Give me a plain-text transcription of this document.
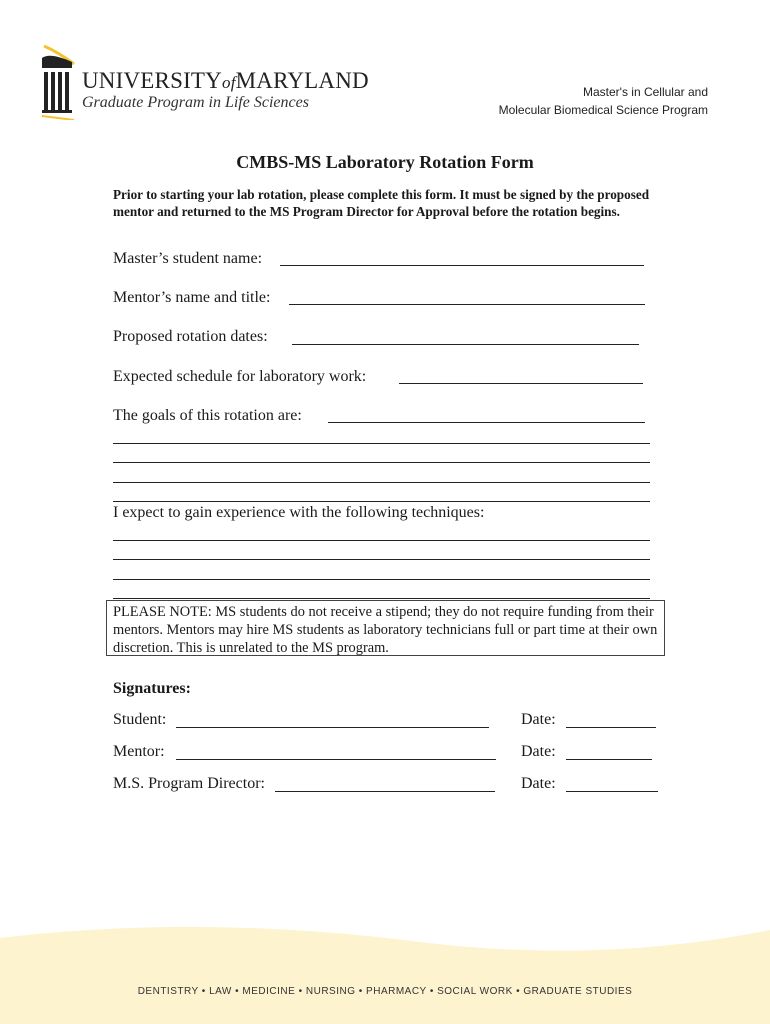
UNIVERSITYofMARYLAND
Graduate Program in Life Sciences
Master's in Cellular and
Molecular Biomedical Science Program
CMBS-MS Laboratory Rotation Form
Prior to starting your lab rotation, please complete this form. It must be signed by the proposed mentor and returned to the MS Program Director for Approval before the rotation begins.
Master’s student name:
Mentor’s name and title:
Proposed rotation dates:
Expected schedule for laboratory work:
The goals of this rotation are:
I expect to gain experience with the following techniques:
PLEASE NOTE: MS students do not receive a stipend; they do not require funding from their mentors. Mentors may hire MS students as laboratory technicians full or part time at their own discretion. This is unrelated to the MS program.
Signatures:
Student:	Date:
Mentor:	Date:
M.S. Program Director:	Date:
DENTISTRY • LAW • MEDICINE • NURSING • PHARMACY • SOCIAL WORK • GRADUATE STUDIES
